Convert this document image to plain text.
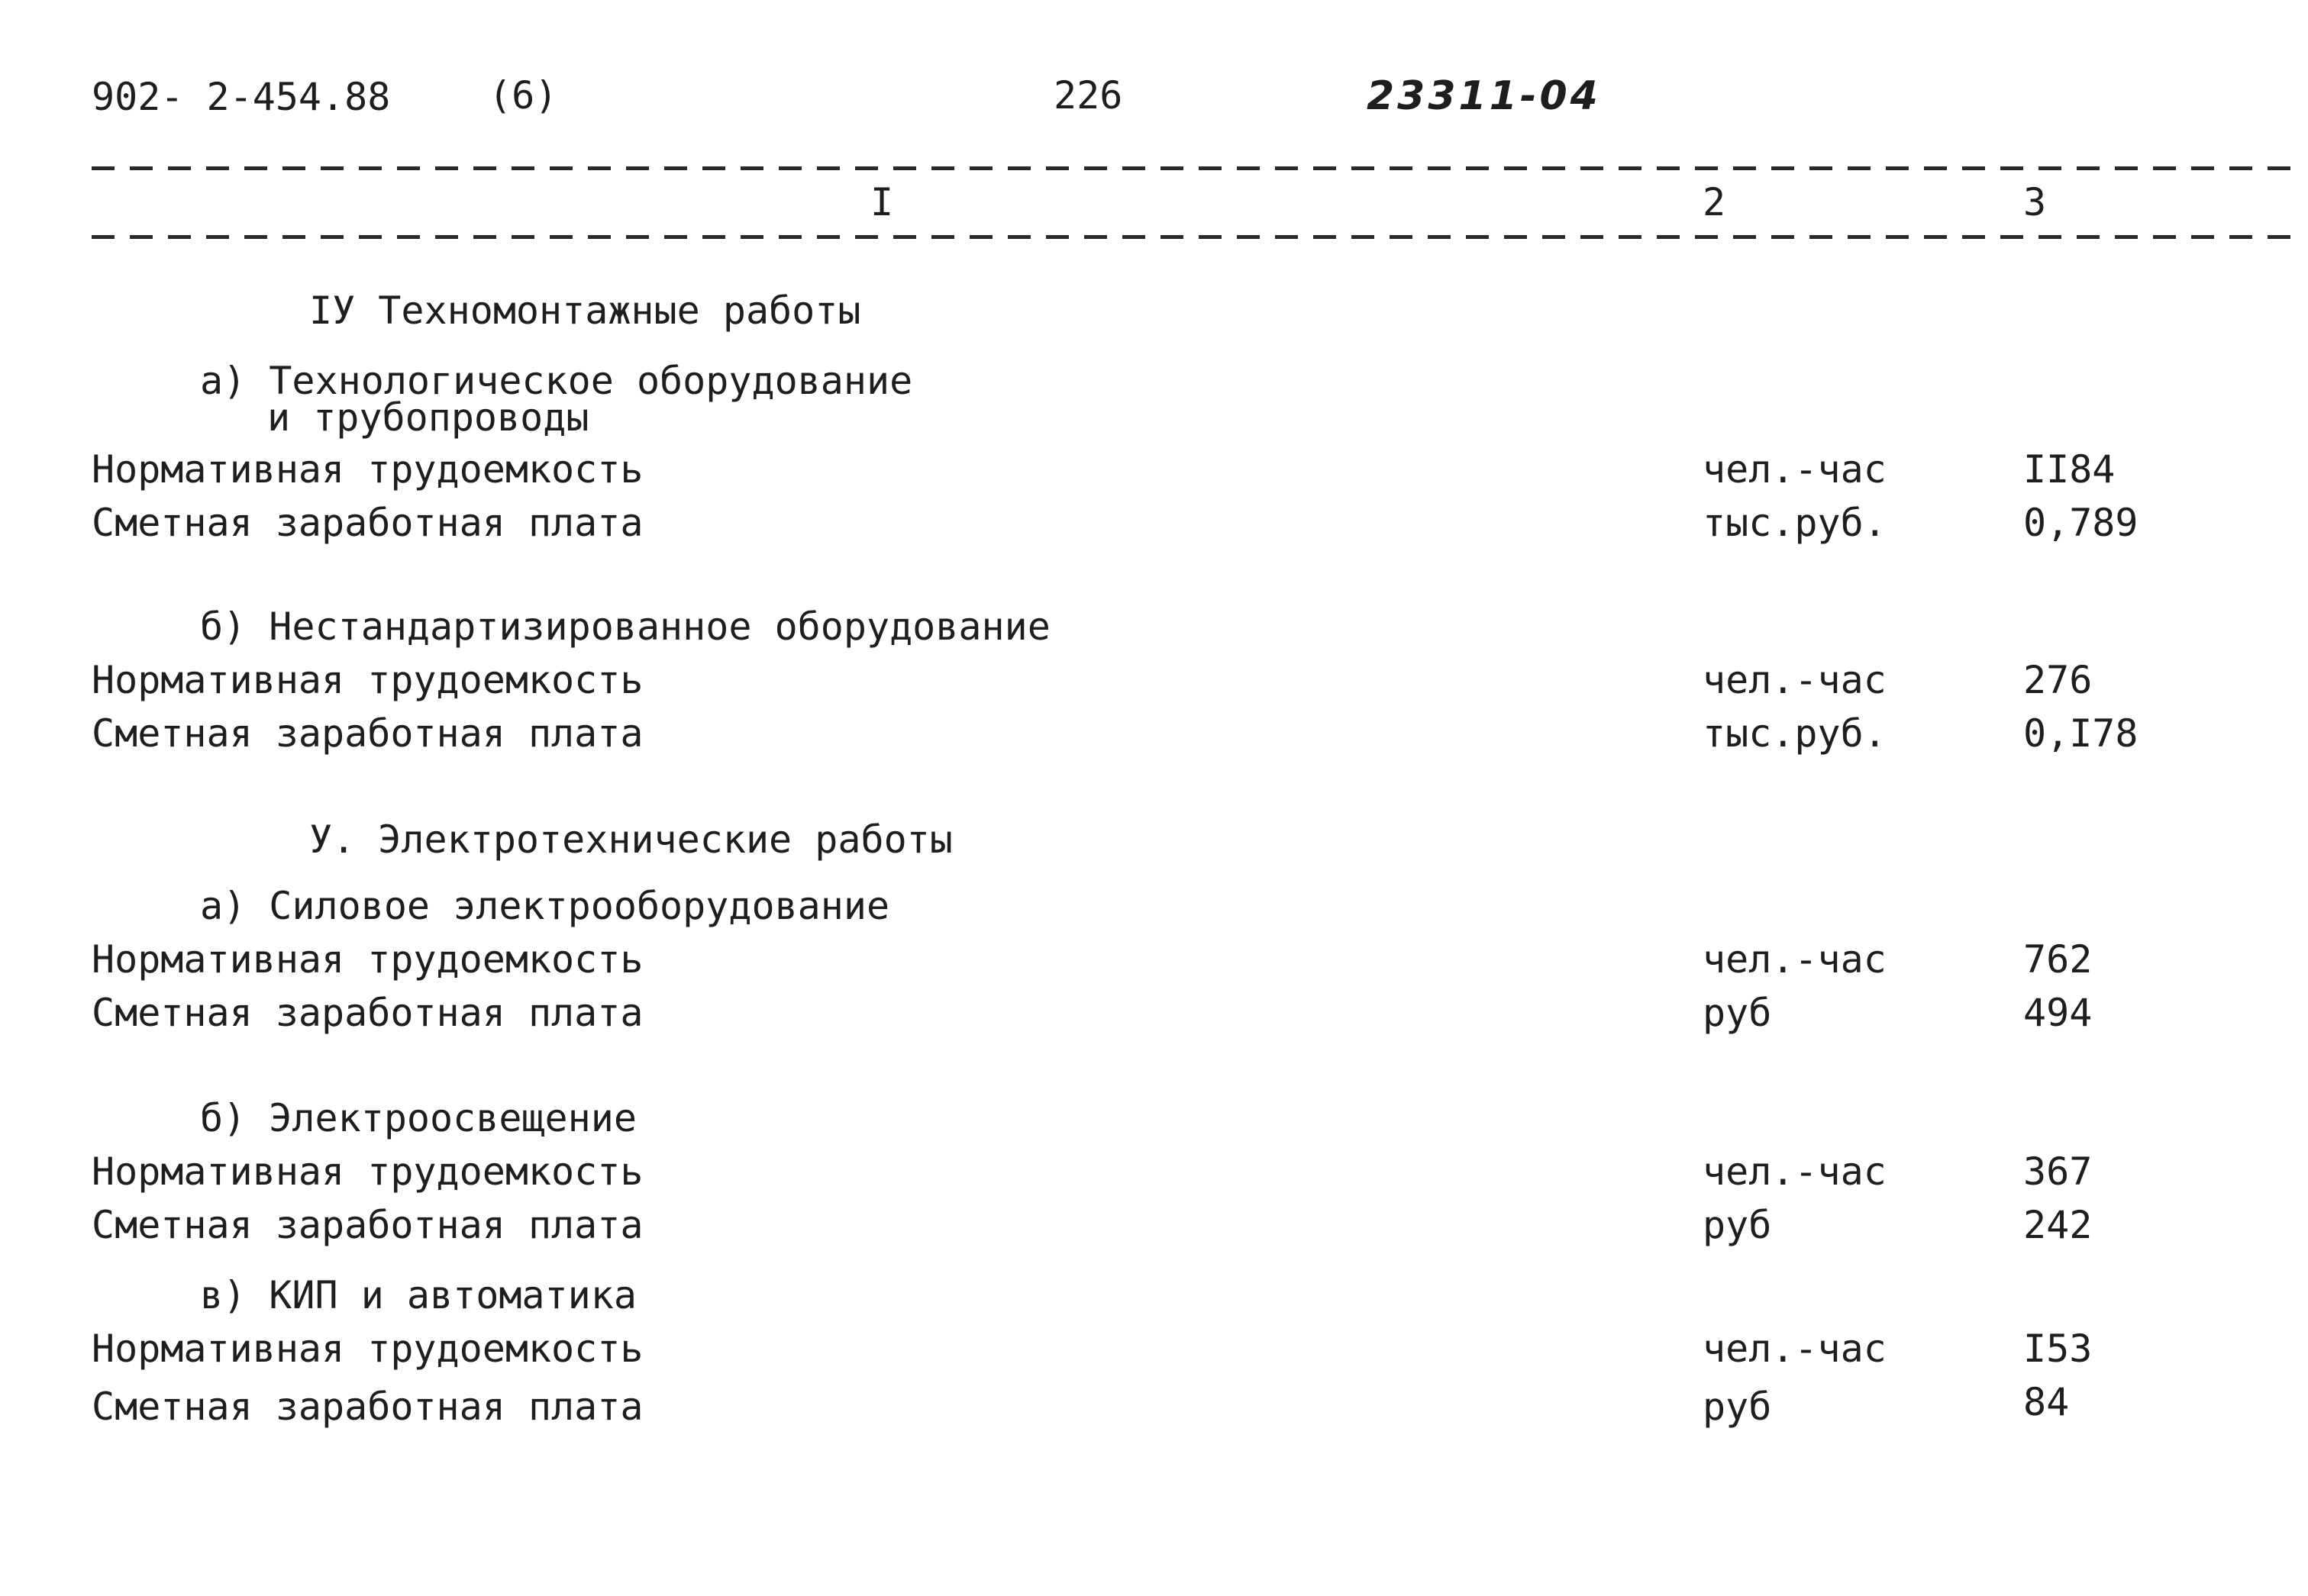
902- 2-454.88	(6)	226	23311-04
I	2	3
IУ Техномонтажные работы
а) Технологическое оборудование
и трубопроводы
Нормативная трудоемкость	чел.-час	II84
Сметная заработная плата	тыс.руб.	0,789
б) Нестандартизированное оборудование
Нормативная трудоемкость	чел.-час	276
Сметная заработная плата	тыс.руб.	0,I78
У. Электротехнические работы
а) Силовое электрооборудование
Нормативная трудоемкость	чел.-час	762
Сметная заработная плата	руб	494
б) Электроосвещение
Нормативная трудоемкость	чел.-час	367
Сметная заработная плата	руб	242
в) КИП и автоматика
Нормативная трудоемкость	чел.-час	I53
Сметная заработная плата	руб	84
